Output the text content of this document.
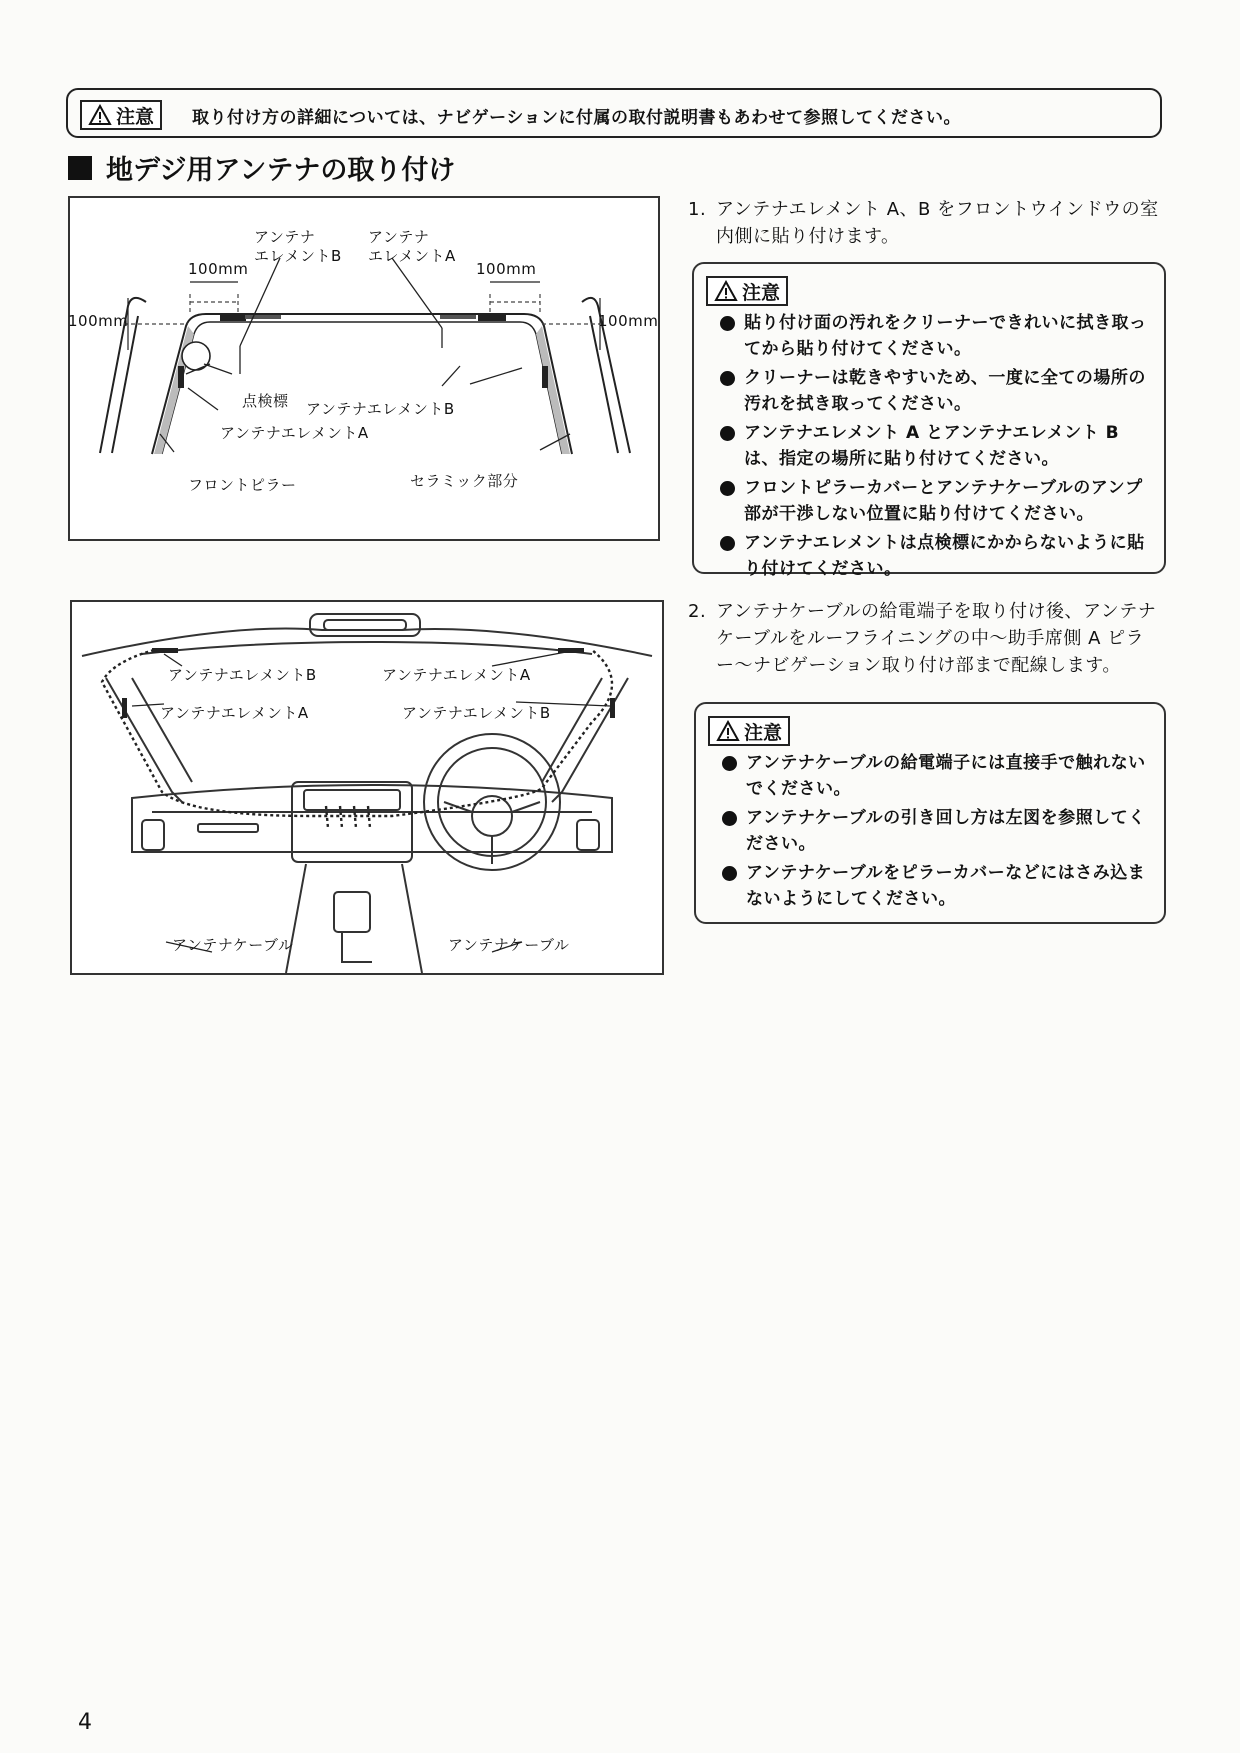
注意 取り付け方の詳細については、ナビゲーションに付属の取付説明書もあわせて参照してください。
地デジ用アンテナの取り付け
アンテナ
エレメントB
アンテナ
エレメントA
100mm	100mm
100mm	100mm
点検標 アンテナエレメントB
アンテナエレメントA
フロントピラー	セラミック部分
アンテナエレメントB	アンテナエレメントA
アンテナエレメントA	アンテナエレメントB
アンテナケーブル	アンテナケーブル
1. アンテナエレメント A、B をフロントウインドウの室内側に貼り付けます。
注意
貼り付け面の汚れをクリーナーできれいに拭き取ってから貼り付けてください。
クリーナーは乾きやすいため、一度に全ての場所の汚れを拭き取ってください。
アンテナエレメント A とアンテナエレメント B は、指定の場所に貼り付けてください。
フロントピラーカバーとアンテナケーブルのアンプ部が干渉しない位置に貼り付けてください。
アンテナエレメントは点検標にかからないように貼り付けてください。
2. アンテナケーブルの給電端子を取り付け後、アンテナケーブルをルーフライニングの中〜助手席側 A ピラー〜ナビゲーション取り付け部まで配線します。
注意
アンテナケーブルの給電端子には直接手で触れないでください。
アンテナケーブルの引き回し方は左図を参照してください。
アンテナケーブルをピラーカバーなどにはさみ込まないようにしてください。
4
